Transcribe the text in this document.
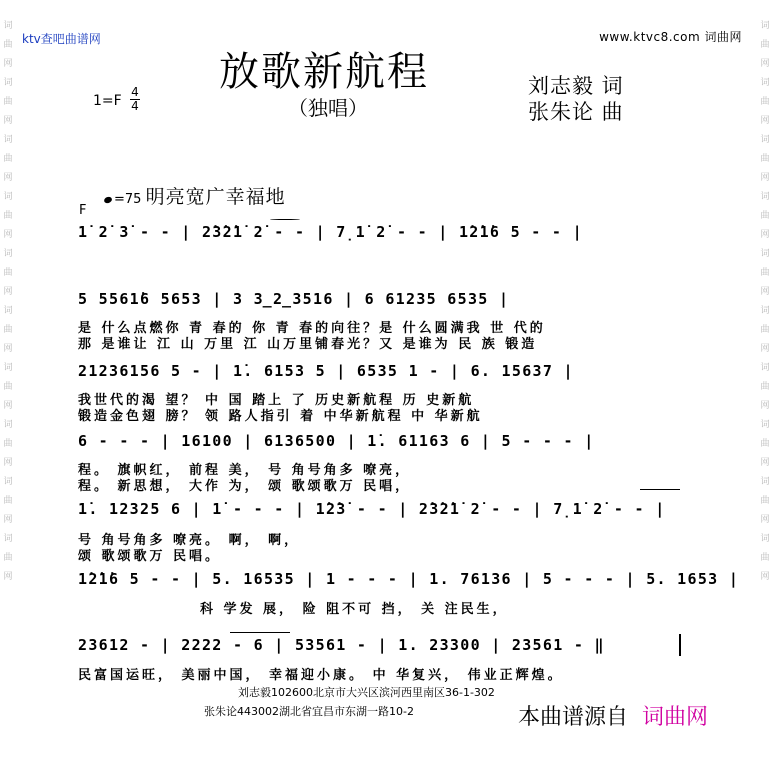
词
曲
网
词
曲
网
词
曲
网
词
曲
网
词
曲
网
词
曲
网
词
曲
网
词
曲
网
词
曲
网
词
曲
网
词
曲
网
词
曲
网
词
曲
网
词
曲
网
词
曲
网
词
曲
网
词
曲
网
词
曲
网
词
曲
网
词
曲
网
ktv查吧曲谱网	www.ktvc8.com 词曲网
放歌新航程
（独唱）
1=F
4
4
刘志毅 词
张朱论 曲
=75 明亮宽广幸福地
F
1̇ 2̇ 3̇ - - | 2̇3̇2̇1̇ 2̇ - - | 7̣1̇ 2̇ - - | 1̇2̇1̇6 5 - - |
5 5561̇6 5653 | 3 3̲2̲3516 | 6 61235 6535 |
是 什么点燃你 青 春的 你 青 春的向往？是 什么圆满我 世 代的
那 是谁让 江 山 万里 江 山万里铺春光？又 是谁为 民 族 锻造
21236156 5 - | 1̇. 6153 5 | 6535 1 - | 6. 15637 |
我世代的渴 望？ 中 国 踏上 了 历史新航程 历 史新航
锻造金色翅 膀？ 领 路人指引 着 中华新航程 中 华新航
6 - - - | 16100 | 6136500 | 1̇. 61163 6 | 5 - - - |
程。 旗帜红， 前程 美， 号 角号角多 嘹亮，
程。 新思想， 大作 为， 颂 歌颂歌万 民唱，
1̇. 12325 6 | 1̇ - - - | 1̇2̇3̇ - - | 2̇3̇2̇1̇ 2̇ - - | 7̣1̇ 2̇ - - |
号 角号角多 嘹亮。 啊， 啊，
颂 歌颂歌万 民唱。
1̇2̇1̇6 5 - - | 5. 16535 | 1 - - - | 1. 76136 | 5 - - - | 5. 1653 |
科 学发 展， 险 阻不可 挡， 关 注民生，
23612 - | 2222 - 6 | 53561 - | 1. 23300 | 23561 - ‖
民富国运旺， 美丽中国， 幸福迎小康。 中 华复兴， 伟业正辉煌。
刘志毅102600北京市大兴区滨河西里南区36-1-302
张朱论443002湖北省宜昌市东湖一路10-2	本曲谱源自 词曲网
